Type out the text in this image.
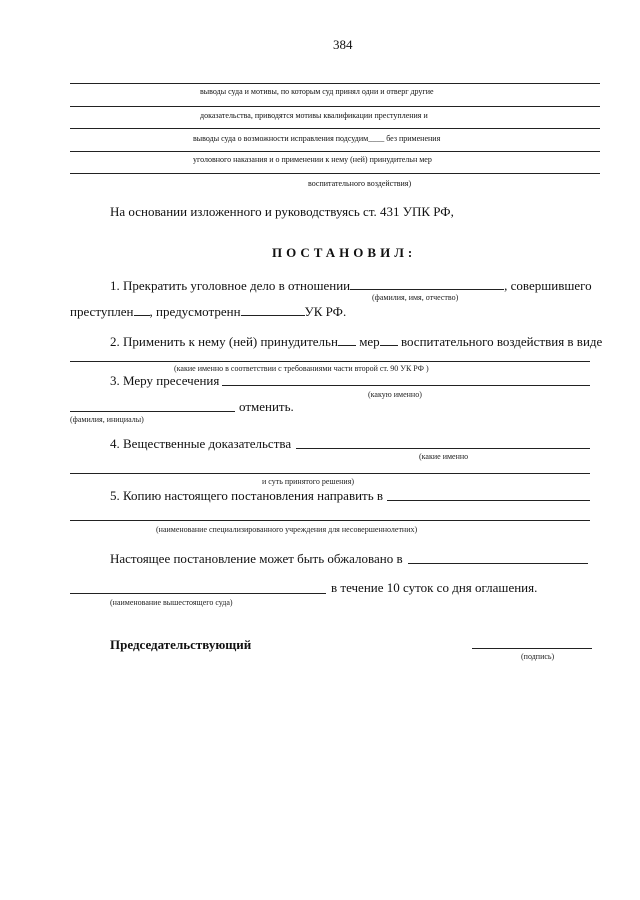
384
выводы суда и мотивы, по которым суд принял одни и отверг другие
доказательства, приводятся мотивы квалификации преступления и
выводы суда о возможности исправления подсудим____ без применения
уголовного наказания и о применении к нему (ней) принудительн мер
воспитательного воздействия)
На основании изложенного и руководствуясь ст. 431 УПК РФ,
ПОСТАНОВИЛ:
1. Прекратить уголовное дело в отношении	, совершившего
(фамилия, имя, отчество)
преступлен , предусмотренн	УК РФ.
2. Применить к нему (ней) принудительн мер воспитательного воздействия в виде
(какие именно в соответствии с требованиями части второй ст. 90 УК РФ )
3. Меру пресечения
(какую именно)
отменить.
(фамилия, инициалы)
4. Вещественные доказательства
(какие именно
и суть принятого решения)
5. Копию настоящего постановления направить в
(наименование специализированного учреждения для несовершеннолетних)
Настоящее постановление может быть обжаловано в
в течение 10 суток со дня оглашения.
(наименование вышестоящего суда)
Председательствующий
(подпись)
